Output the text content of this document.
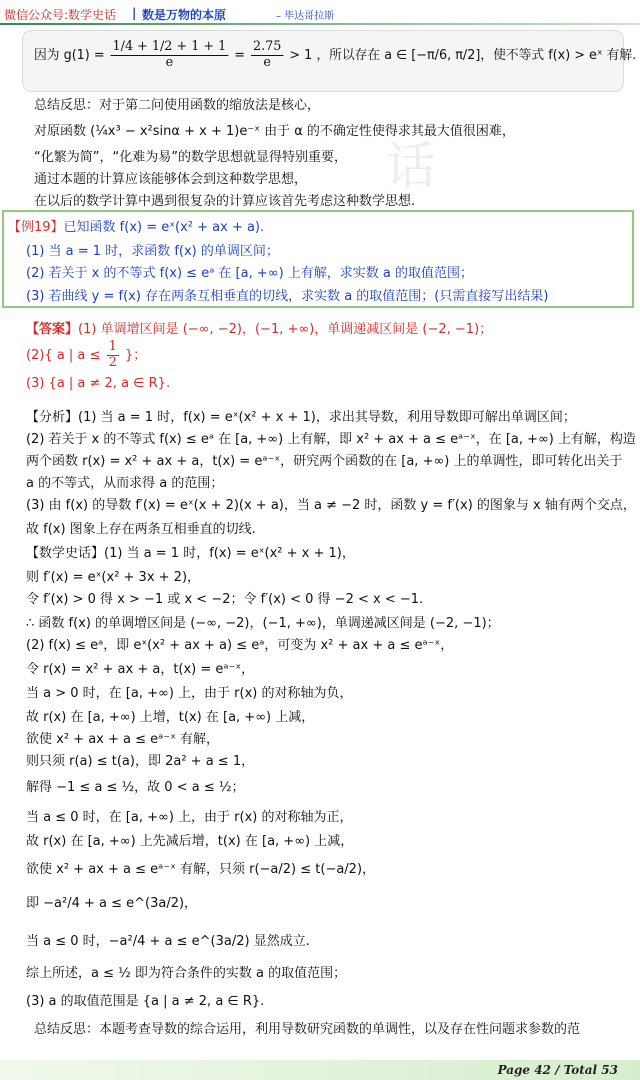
微信公众号:数学史话 | 数是万物的本原	– 毕达哥拉斯
话
因为 $g(1) = \frac{1/4 + 1/2 + 1 + 1}{e} = \frac{2.75}{e} > 1$ ，所以存在 a ∈ [−π/6, π/2]，使不等式 f(x) > eˣ 有解.
总结反思：对于第二问使用函数的缩放法是核心，
对原函数 (¼x³ − x²sinα + x + 1)e⁻ˣ 由于 α 的不确定性使得求其最大值很困难，
“化繁为简”，“化难为易”的数学思想就显得特别重要，
通过本题的计算应该能够体会到这种数学思想，
在以后的数学计算中遇到很复杂的计算应该首先考虑这种数学思想.
【例19】已知函数 f(x) = eˣ(x² + ax + a).
(1) 当 a = 1 时，求函数 f(x) 的单调区间；
(2) 若关于 x 的不等式 f(x) ≤ eᵃ 在 [a, +∞) 上有解，求实数 a 的取值范围；
(3) 若曲线 y = f(x) 存在两条互相垂直的切线，求实数 a 的取值范围；(只需直接写出结果)
【答案】(1) 单调增区间是 (−∞, −2)，(−1, +∞)，单调递减区间是 (−2, −1)；
(2){ a | $a \le \frac{1}{2}$ }；
(3) {a | a ≠ 2, a ∈ R}.
【分析】(1) 当 a = 1 时，f(x) = eˣ(x² + x + 1)，求出其导数，利用导数即可解出单调区间；
(2) 若关于 x 的不等式 f(x) ≤ eᵃ 在 [a, +∞) 上有解，即 x² + ax + a ≤ eᵃ⁻ˣ，在 [a, +∞) 上有解，构造
两个函数 r(x) = x² + ax + a，t(x) = eᵃ⁻ˣ，研究两个函数的在 [a, +∞) 上的单调性，即可转化出关于
a 的不等式，从而求得 a 的范围；
(3) 由 f(x) 的导数 f′(x) = eˣ(x + 2)(x + a)，当 a ≠ −2 时，函数 y = f′(x) 的图象与 x 轴有两个交点，
故 f(x) 图象上存在两条互相垂直的切线.
【数学史话】(1) 当 a = 1 时，f(x) = eˣ(x² + x + 1)，
则 f′(x) = eˣ(x² + 3x + 2)，
令 f′(x) > 0 得 x > −1 或 x < −2；令 f′(x) < 0 得 −2 < x < −1.
∴ 函数 f(x) 的单调增区间是 (−∞, −2)，(−1, +∞)，单调递减区间是 (−2, −1)；
(2) f(x) ≤ eᵃ，即 eˣ(x² + ax + a) ≤ eᵃ，可变为 x² + ax + a ≤ eᵃ⁻ˣ，
令 r(x) = x² + ax + a，t(x) = eᵃ⁻ˣ，
当 a > 0 时，在 [a, +∞) 上，由于 r(x) 的对称轴为负，
故 r(x) 在 [a, +∞) 上增，t(x) 在 [a, +∞) 上减，
欲使 x² + ax + a ≤ eᵃ⁻ˣ 有解，
则只须 r(a) ≤ t(a)，即 2a² + a ≤ 1，
解得 −1 ≤ a ≤ ½，故 0 < a ≤ ½；
当 a ≤ 0 时，在 [a, +∞) 上，由于 r(x) 的对称轴为正，
故 r(x) 在 [a, +∞) 上先减后增，t(x) 在 [a, +∞) 上减，
欲使 x² + ax + a ≤ eᵃ⁻ˣ 有解，只须 r(−a/2) ≤ t(−a/2)，
即 −a²/4 + a ≤ e^(3a/2)，
当 a ≤ 0 时，−a²/4 + a ≤ e^(3a/2) 显然成立.
综上所述，a ≤ ½ 即为符合条件的实数 a 的取值范围；
(3) a 的取值范围是 {a | a ≠ 2, a ∈ R}.
总结反思：本题考查导数的综合运用，利用导数研究函数的单调性，以及存在性问题求参数的范
Page 42 / Total 53
